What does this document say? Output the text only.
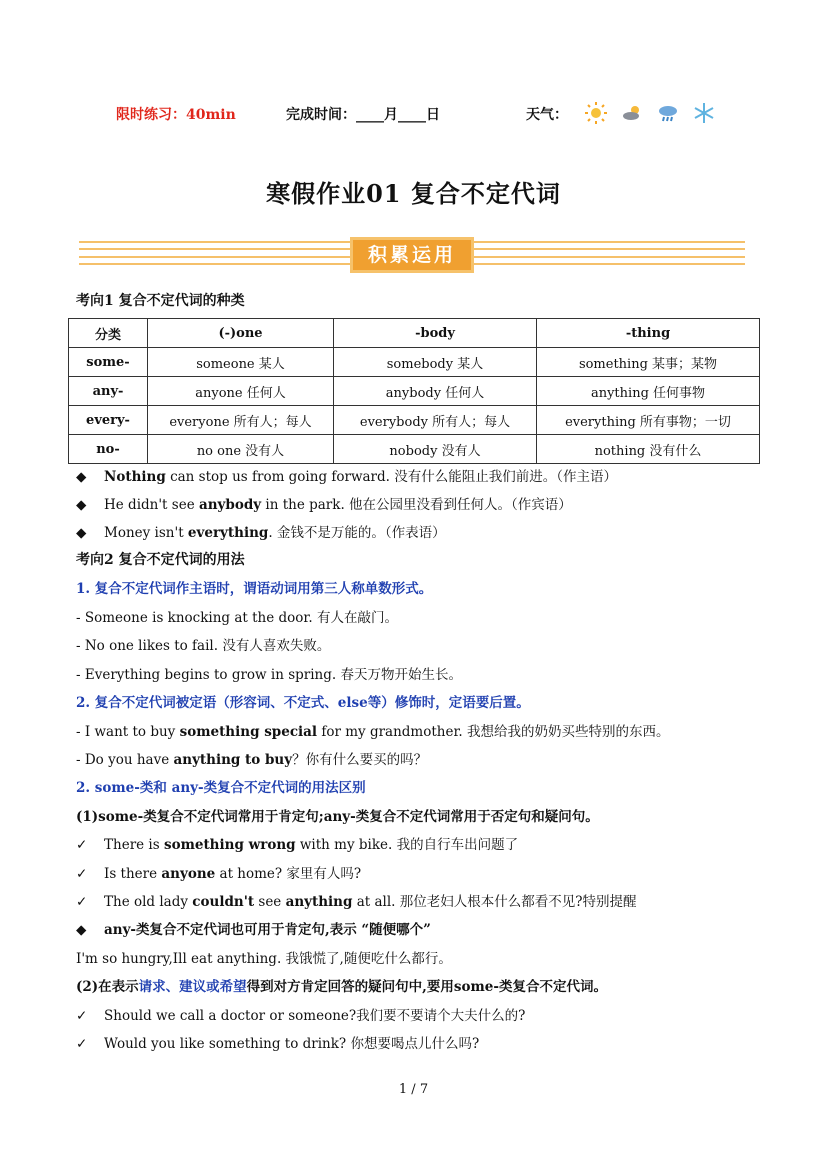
限时练习：40min	完成时间：____月____日	天气：
寒假作业01 复合不定代词
积累运用
考向1 复合不定代词的种类
分类	(-)one	-body	-thing
some-	someone 某人	somebody 某人	something 某事；某物
any-	anyone 任何人	anybody 任何人	anything 任何事物
every-	everyone 所有人；每人	everybody 所有人；每人	everything 所有事物；一切
no-	no one 没有人	nobody 没有人	nothing 没有什么
◆ Nothing can stop us from going forward. 没有什么能阻止我们前进。（作主语）
◆ He didn't see anybody in the park. 他在公园里没看到任何人。（作宾语）
◆ Money isn't everything. 金钱不是万能的。（作表语）
考向2 复合不定代词的用法
1. 复合不定代词作主语时，谓语动词用第三人称单数形式。
- Someone is knocking at the door. 有人在敲门。
- No one likes to fail. 没有人喜欢失败。
- Everything begins to grow in spring. 春天万物开始生长。
2. 复合不定代词被定语（形容词、不定式、else等）修饰时，定语要后置。
- I want to buy something special for my grandmother. 我想给我的奶奶买些特别的东西。
- Do you have anything to buy？你有什么要买的吗？
2. some-类和 any-类复合不定代词的用法区别
(1)some-类复合不定代词常用于肯定句;any-类复合不定代词常用于否定句和疑问句。
✓ There is something wrong with my bike. 我的自行车出问题了
✓ Is there anyone at home? 家里有人吗?
✓ The old lady couldn't see anything at all. 那位老妇人根本什么都看不见?特别提醒
◆ any-类复合不定代词也可用于肯定句,表示 “随便哪个”
I'm so hungry,Ill eat anything. 我饿慌了,随便吃什么都行。
(2)在表示请求、建议或希望得到对方肯定回答的疑问句中,要用some-类复合不定代词。
✓ Should we call a doctor or someone?我们要不要请个大夫什么的?
✓ Would you like something to drink? 你想要喝点儿什么吗?
1 / 7
